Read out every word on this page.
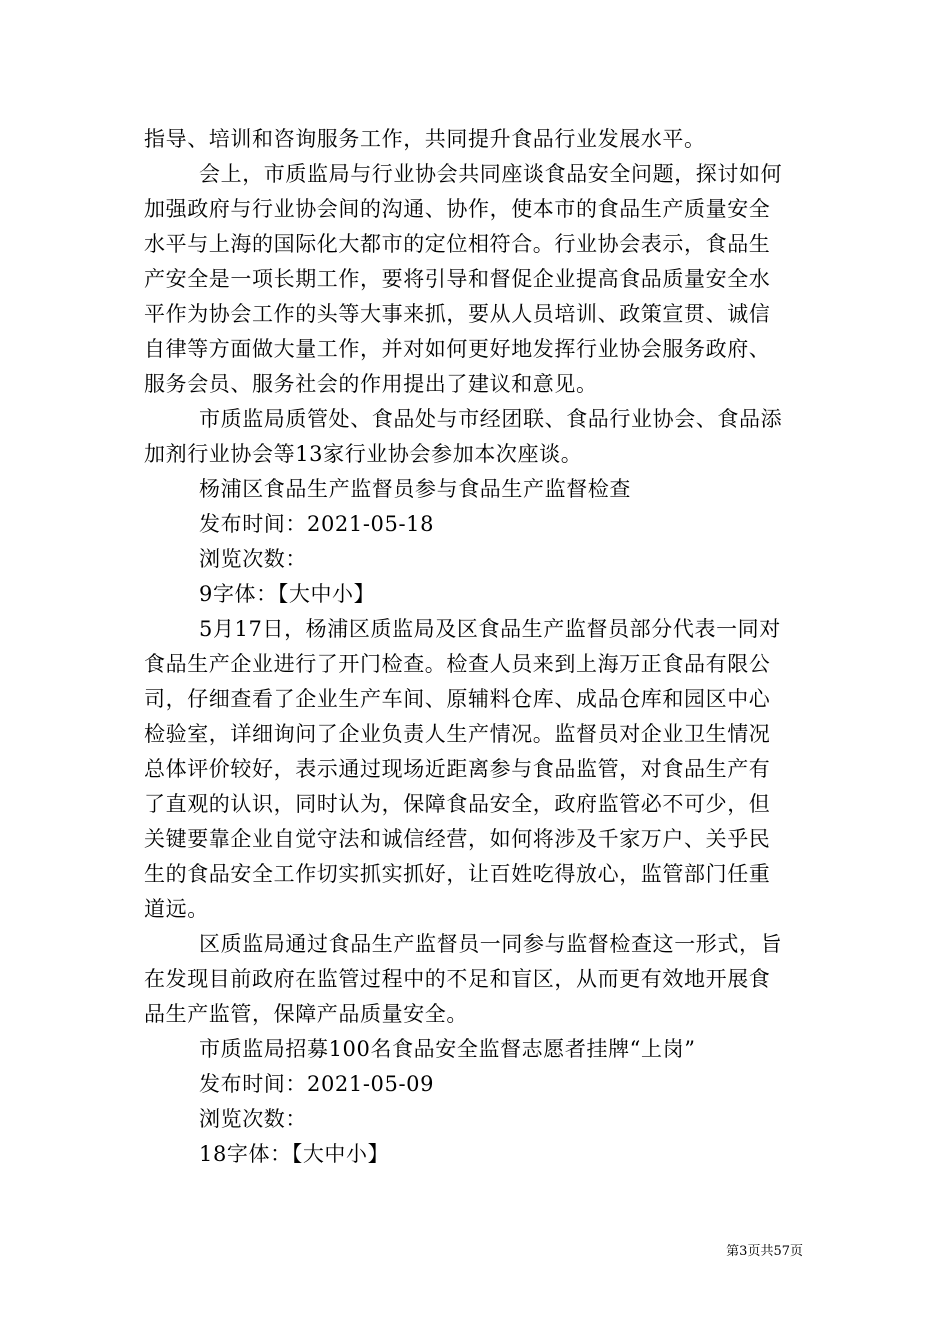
指导、培训和咨询服务工作，共同提升食品行业发展水平。
会上，市质监局与行业协会共同座谈食品安全问题，探讨如何
加强政府与行业协会间的沟通、协作，使本市的食品生产质量安全
水平与上海的国际化大都市的定位相符合。行业协会表示，食品生
产安全是一项长期工作，要将引导和督促企业提高食品质量安全水
平作为协会工作的头等大事来抓，要从人员培训、政策宣贯、诚信
自律等方面做大量工作，并对如何更好地发挥行业协会服务政府、
服务会员、服务社会的作用提出了建议和意见。
市质监局质管处、食品处与市经团联、食品行业协会、食品添
加剂行业协会等13家行业协会参加本次座谈。
杨浦区食品生产监督员参与食品生产监督检查
发布时间：2021-05-18
浏览次数：
9字体：【大中小】
5月17日，杨浦区质监局及区食品生产监督员部分代表一同对
食品生产企业进行了开门检查。检查人员来到上海万正食品有限公
司，仔细查看了企业生产车间、原辅料仓库、成品仓库和园区中心
检验室，详细询问了企业负责人生产情况。监督员对企业卫生情况
总体评价较好，表示通过现场近距离参与食品监管，对食品生产有
了直观的认识，同时认为，保障食品安全，政府监管必不可少，但
关键要靠企业自觉守法和诚信经营，如何将涉及千家万户、关乎民
生的食品安全工作切实抓实抓好，让百姓吃得放心，监管部门任重
道远。
区质监局通过食品生产监督员一同参与监督检查这一形式，旨
在发现目前政府在监管过程中的不足和盲区，从而更有效地开展食
品生产监管，保障产品质量安全。
市质监局招募100名食品安全监督志愿者挂牌“上岗”
发布时间：2021-05-09
浏览次数：
18字体：【大中小】
第3页共57页
